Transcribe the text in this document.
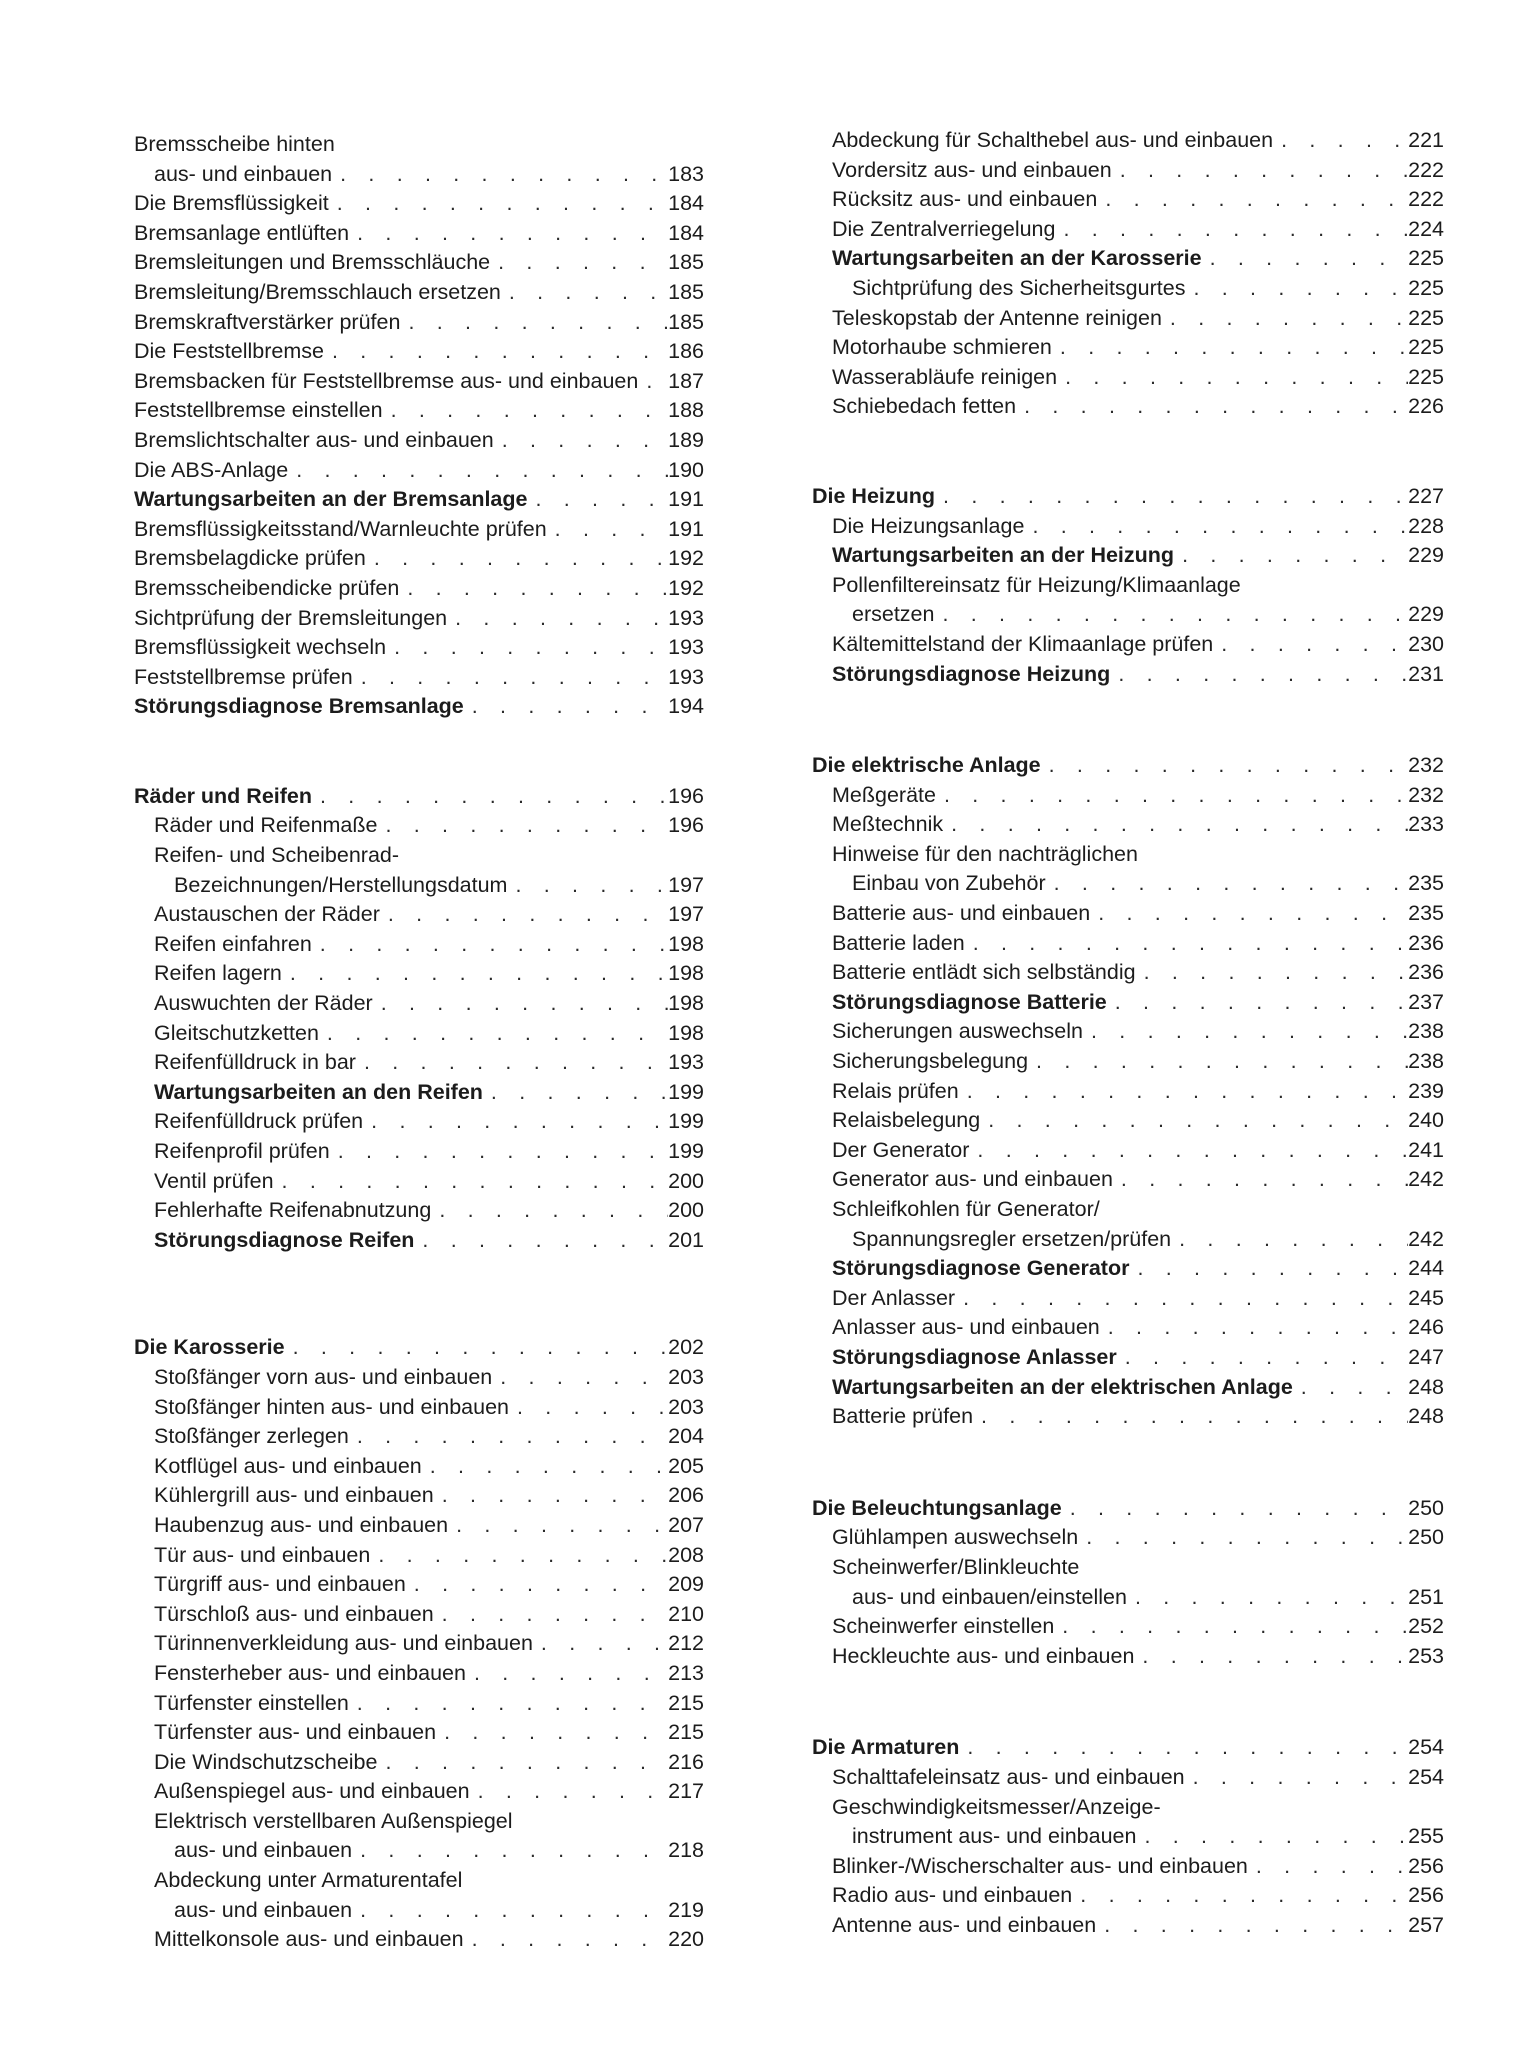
Bremsscheibe hinten
aus- und einbauen . . .	183
Die Bremsflüssigkeit . . .	184
Bremsanlage entlüften . . .	184
Bremsleitungen und Bremsschläuche . . .	185
Bremsleitung/Bremsschlauch ersetzen . . .	185
Bremskraftverstärker prüfen . . .	185
Die Feststellbremse . . .	186
Bremsbacken für Feststellbremse aus- und einbauen . . . 187
Feststellbremse einstellen . . .	188
Bremslichtschalter aus- und einbauen . . .	189
Die ABS-Anlage . . .	190
Wartungsarbeiten an der Bremsanlage . . .	191
Bremsflüssigkeitsstand/Warnleuchte prüfen . . .	191
Bremsbelagdicke prüfen . . .	192
Bremsscheibendicke prüfen . . .	192
Sichtprüfung der Bremsleitungen . . .	193
Bremsflüssigkeit wechseln . . .	193
Feststellbremse prüfen . . .	193
Störungsdiagnose Bremsanlage . . .	194
Räder und Reifen . . .	196
Räder und Reifenmaße . . .	196
Reifen- und Scheibenrad-
Bezeichnungen/Herstellungsdatum . . .	197
Austauschen der Räder . . .	197
Reifen einfahren . . .	198
Reifen lagern . . .	198
Auswuchten der Räder . . .	198
Gleitschutzketten . . .	198
Reifenfülldruck in bar . . .	193
Wartungsarbeiten an den Reifen . . .	199
Reifenfülldruck prüfen . . .	199
Reifenprofil prüfen . . .	199
Ventil prüfen . . .	200
Fehlerhafte Reifenabnutzung . . .	200
Störungsdiagnose Reifen . . .	201
Die Karosserie . . .	202
Stoßfänger vorn aus- und einbauen . . .	203
Stoßfänger hinten aus- und einbauen . . .	203
Stoßfänger zerlegen . . .	204
Kotflügel aus- und einbauen . . .	205
Kühlergrill aus- und einbauen . . .	206
Haubenzug aus- und einbauen . . .	207
Tür aus- und einbauen . . .	208
Türgriff aus- und einbauen . . .	209
Türschloß aus- und einbauen . . .	210
Türinnenverkleidung aus- und einbauen . . .	212
Fensterheber aus- und einbauen . . .	213
Türfenster einstellen . . .	215
Türfenster aus- und einbauen . . .	215
Die Windschutzscheibe . . .	216
Außenspiegel aus- und einbauen . . .	217
Elektrisch verstellbaren Außenspiegel
aus- und einbauen . . .	218
Abdeckung unter Armaturentafel
aus- und einbauen . . .	219
Mittelkonsole aus- und einbauen . . .	220
Abdeckung für Schalthebel aus- und einbauen . . .	221
Vordersitz aus- und einbauen . . .	222
Rücksitz aus- und einbauen . . .	222
Die Zentralverriegelung . . .	224
Wartungsarbeiten an der Karosserie . . .	225
Sichtprüfung des Sicherheitsgurtes . . .	225
Teleskopstab der Antenne reinigen . . .	225
Motorhaube schmieren . . .	225
Wasserabläufe reinigen . . .	225
Schiebedach fetten . . .	226
Die Heizung . . .	227
Die Heizungsanlage . . .	228
Wartungsarbeiten an der Heizung . . .	229
Pollenfiltereinsatz für Heizung/Klimaanlage
ersetzen . . .	229
Kältemittelstand der Klimaanlage prüfen . . .	230
Störungsdiagnose Heizung . . .	231
Die elektrische Anlage . . .	232
Meßgeräte . . .	232
Meßtechnik . . .	233
Hinweise für den nachträglichen
Einbau von Zubehör . . .	235
Batterie aus- und einbauen . . .	235
Batterie laden . . .	236
Batterie entlädt sich selbständig . . .	236
Störungsdiagnose Batterie . . .	237
Sicherungen auswechseln . . .	238
Sicherungsbelegung . . .	238
Relais prüfen . . .	239
Relaisbelegung . . .	240
Der Generator . . .	241
Generator aus- und einbauen . . .	242
Schleifkohlen für Generator/
Spannungsregler ersetzen/prüfen . . .	242
Störungsdiagnose Generator . . .	244
Der Anlasser . . .	245
Anlasser aus- und einbauen . . .	246
Störungsdiagnose Anlasser . . .	247
Wartungsarbeiten an der elektrischen Anlage . . .	248
Batterie prüfen . . .	248
Die Beleuchtungsanlage . . .	250
Glühlampen auswechseln . . .	250
Scheinwerfer/Blinkleuchte
aus- und einbauen/einstellen . . .	251
Scheinwerfer einstellen . . .	252
Heckleuchte aus- und einbauen . . .	253
Die Armaturen . . .	254
Schalttafeleinsatz aus- und einbauen . . .	254
Geschwindigkeitsmesser/Anzeige-
instrument aus- und einbauen . . .	255
Blinker-/Wischerschalter aus- und einbauen . . .	256
Radio aus- und einbauen . . .	256
Antenne aus- und einbauen . . .	257
